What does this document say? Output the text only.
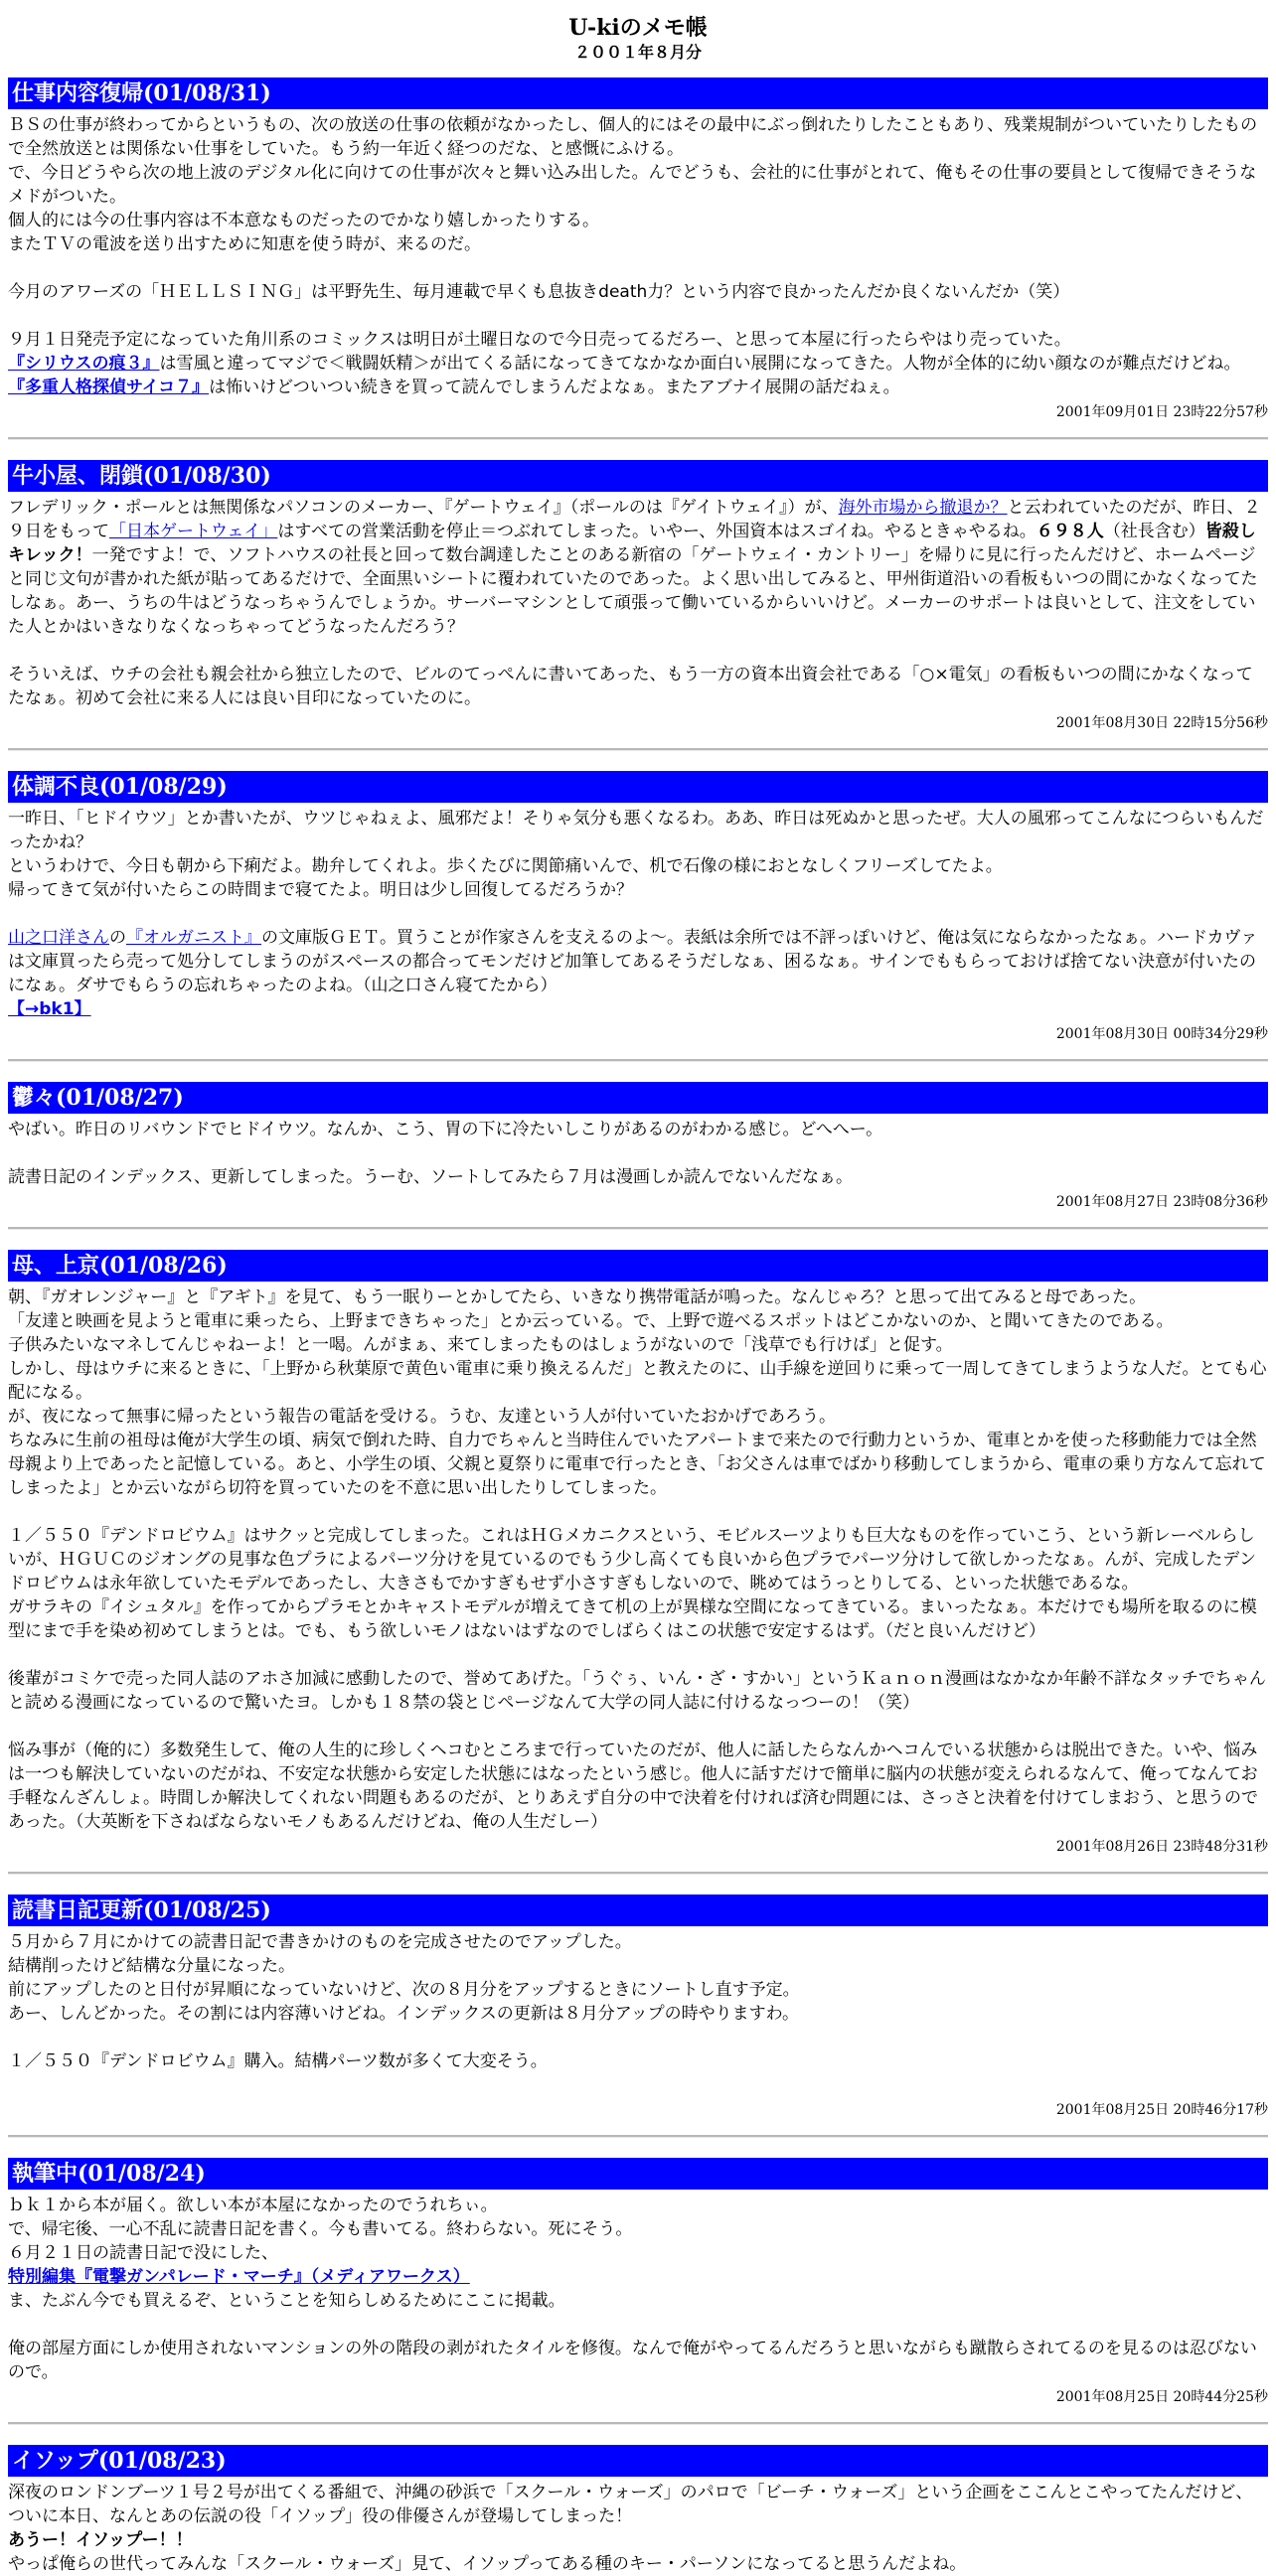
U-kiのメモ帳
２００１年８月分
仕事内容復帰(01/08/31)

ＢＳの仕事が終わってからというもの、次の放送の仕事の依頼がなかったし、個人的にはその最中にぶっ倒れたりしたこともあり、残業規制がついていたりしたもので全然放送とは関係ない仕事をしていた。もう約一年近く経つのだな、と感慨にふける。

で、今日どうやら次の地上波のデジタル化に向けての仕事が次々と舞い込み出した。んでどうも、会社的に仕事がとれて、俺もその仕事の要員として復帰できそうなメドがついた。

個人的には今の仕事内容は不本意なものだったのでかなり嬉しかったりする。

またＴＶの電波を送り出すために知恵を使う時が、来るのだ。

今月のアワーズの「ＨＥＬＬＳＩＮＧ」は平野先生、毎月連載で早くも息抜きdeath力？という内容で良かったんだか良くないんだか（笑）

９月１日発売予定になっていた角川系のコミックスは明日が土曜日なので今日売ってるだろー、と思って本屋に行ったらやはり売っていた。

『シリウスの痕３』は雪風と違ってマジで＜戦闘妖精＞が出てくる話になってきてなかなか面白い展開になってきた。人物が全体的に幼い顔なのが難点だけどね。

『多重人格探偵サイコ７』は怖いけどついつい続きを買って読んでしまうんだよなぁ。またアブナイ展開の話だねぇ。

2001年09月01日 23時22分57秒
牛小屋、閉鎖(01/08/30)

フレデリック・ポールとは無関係なパソコンのメーカー、『ゲートウェイ』（ポールのは『ゲイトウェイ』）が、海外市場から撤退か？と云われていたのだが、昨日、２９日をもって「日本ゲートウェイ」はすべての営業活動を停止＝つぶれてしまった。いやー、外国資本はスゴイね。やるときゃやるね。６９８人（社長含む）皆殺しキレック！一発ですよ！で、ソフトハウスの社長と回って数台調達したことのある新宿の「ゲートウェイ・カントリー」を帰りに見に行ったんだけど、ホームページと同じ文句が書かれた紙が貼ってあるだけで、全面黒いシートに覆われていたのであった。よく思い出してみると、甲州街道沿いの看板もいつの間にかなくなってたしなぁ。あー、うちの牛はどうなっちゃうんでしょうか。サーバーマシンとして頑張って働いているからいいけど。メーカーのサポートは良いとして、注文をしていた人とかはいきなりなくなっちゃってどうなったんだろう？

そういえば、ウチの会社も親会社から独立したので、ビルのてっぺんに書いてあった、もう一方の資本出資会社である「○×電気」の看板もいつの間にかなくなってたなぁ。初めて会社に来る人には良い目印になっていたのに。

2001年08月30日 22時15分56秒
体調不良(01/08/29)

一昨日、「ヒドイウツ」とか書いたが、ウツじゃねぇよ、風邪だよ！そりゃ気分も悪くなるわ。ああ、昨日は死ぬかと思ったぜ。大人の風邪ってこんなにつらいもんだったかね？

というわけで、今日も朝から下痢だよ。勘弁してくれよ。歩くたびに関節痛いんで、机で石像の様におとなしくフリーズしてたよ。

帰ってきて気が付いたらこの時間まで寝てたよ。明日は少し回復してるだろうか？

山之口洋さんの『オルガニスト』の文庫版ＧＥＴ。買うことが作家さんを支えるのよ～。表紙は余所では不評っぽいけど、俺は気にならなかったなぁ。ハードカヴァは文庫買ったら売って処分してしまうのがスペースの都合ってモンだけど加筆してあるそうだしなぁ、困るなぁ。サインでももらっておけば捨てない決意が付いたのになぁ。ダサでもらうの忘れちゃったのよね。（山之口さん寝てたから）

【→bk1】

2001年08月30日 00時34分29秒
鬱々(01/08/27)

やばい。昨日のリバウンドでヒドイウツ。なんか、こう、胃の下に冷たいしこりがあるのがわかる感じ。どへへー。

読書日記のインデックス、更新してしまった。うーむ、ソートしてみたら７月は漫画しか読んでないんだなぁ。

2001年08月27日 23時08分36秒
母、上京(01/08/26)

朝、『ガオレンジャー』と『アギト』を見て、もう一眠りーとかしてたら、いきなり携帯電話が鳴った。なんじゃろ？と思って出てみると母であった。

「友達と映画を見ようと電車に乗ったら、上野まできちゃった」とか云っている。で、上野で遊べるスポットはどこかないのか、と聞いてきたのである。

子供みたいなマネしてんじゃねーよ！と一喝。んがまぁ、来てしまったものはしょうがないので「浅草でも行けば」と促す。

しかし、母はウチに来るときに、「上野から秋葉原で黄色い電車に乗り換えるんだ」と教えたのに、山手線を逆回りに乗って一周してきてしまうような人だ。とても心配になる。

が、夜になって無事に帰ったという報告の電話を受ける。うむ、友達という人が付いていたおかげであろう。

ちなみに生前の祖母は俺が大学生の頃、病気で倒れた時、自力でちゃんと当時住んでいたアパートまで来たので行動力というか、電車とかを使った移動能力では全然母親より上であったと記憶している。あと、小学生の頃、父親と夏祭りに電車で行ったとき、「お父さんは車でばかり移動してしまうから、電車の乗り方なんて忘れてしまったよ」とか云いながら切符を買っていたのを不意に思い出したりしてしまった。

１／５５０『デンドロビウム』はサクッと完成してしまった。これはＨＧメカニクスという、モビルスーツよりも巨大なものを作っていこう、という新レーベルらしいが、ＨＧＵＣのジオングの見事な色プラによるパーツ分けを見ているのでもう少し高くても良いから色プラでパーツ分けして欲しかったなぁ。んが、完成したデンドロビウムは永年欲していたモデルであったし、大きさもでかすぎもせず小さすぎもしないので、眺めてはうっとりしてる、といった状態であるな。

ガサラキの『イシュタル』を作ってからプラモとかキャストモデルが増えてきて机の上が異様な空間になってきている。まいったなぁ。本だけでも場所を取るのに模型にまで手を染め初めてしまうとは。でも、もう欲しいモノはないはずなのでしばらくはこの状態で安定するはず。（だと良いんだけど）

後輩がコミケで売った同人誌のアホさ加減に感動したので、誉めてあげた。「うぐぅ、いん・ざ・すかい」というＫａｎｏｎ漫画はなかなか年齢不詳なタッチでちゃんと読める漫画になっているので驚いたヨ。しかも１８禁の袋とじページなんて大学の同人誌に付けるなっつーの！（笑）

悩み事が（俺的に）多数発生して、俺の人生的に珍しくヘコむところまで行っていたのだが、他人に話したらなんかヘコんでいる状態からは脱出できた。いや、悩みは一つも解決していないのだがね、不安定な状態から安定した状態にはなったという感じ。他人に話すだけで簡単に脳内の状態が変えられるなんて、俺ってなんてお手軽なんざんしょ。時間しか解決してくれない問題もあるのだが、とりあえず自分の中で決着を付ければ済む問題には、さっさと決着を付けてしまおう、と思うのであった。（大英断を下さねばならないモノもあるんだけどね、俺の人生だしー）

2001年08月26日 23時48分31秒
読書日記更新(01/08/25)

５月から７月にかけての読書日記で書きかけのものを完成させたのでアップした。

結構削ったけど結構な分量になった。

前にアップしたのと日付が昇順になっていないけど、次の８月分をアップするときにソートし直す予定。

あー、しんどかった。その割には内容薄いけどね。インデックスの更新は８月分アップの時やりますわ。

１／５５０『デンドロビウム』購入。結構パーツ数が多くて大変そう。

2001年08月25日 20時46分17秒
執筆中(01/08/24)

ｂｋ１から本が届く。欲しい本が本屋になかったのでうれちぃ。

で、帰宅後、一心不乱に読書日記を書く。今も書いてる。終わらない。死にそう。

６月２１日の読書日記で没にした、

特別編集『電撃ガンパレード・マーチ』（メディアワークス）

ま、たぶん今でも買えるぞ、ということを知らしめるためにここに掲載。

俺の部屋方面にしか使用されないマンションの外の階段の剥がれたタイルを修復。なんで俺がやってるんだろうと思いながらも蹴散らされてるのを見るのは忍びないので。

2001年08月25日 20時44分25秒
イソップ(01/08/23)

深夜のロンドンブーツ１号２号が出てくる番組で、沖縄の砂浜で「スクール・ウォーズ」のパロで「ビーチ・ウォーズ」という企画をここんとこやってたんだけど、ついに本日、なんとあの伝説の役「イソップ」役の俳優さんが登場してしまった！

あうー！イソップー！！

やっぱ俺らの世代ってみんな「スクール・ウォーズ」見て、イソップってある種のキー・パーソンになってると思うんだよね。
